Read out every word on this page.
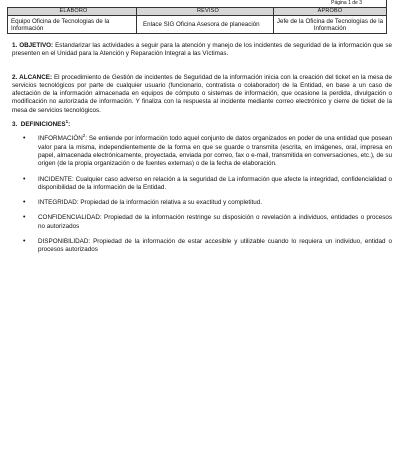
Página 1 de 3		
ELABORO	REVISO	APROBO
Equipo Oficina de Tecnologias de la Información	Enlace SIG Oficina Asesora de planeación	Jefe de la Oficina de Tecnologías de la Información

1. OBJETIVO: Estandarizar las actividades a seguir para la atención y manejo de los incidentes de seguridad de la información que se presenten en el Unidad para la Atención y Reparación Integral a las Víctimas.

2. ALCANCE: El procedimiento de Gestión de incidentes de Seguridad de la información inicia con la creación del ticket en la mesa de servicios tecnológicos por parte de cualquier usuario (funcionario, contratista o colaborador) de la Entidad, en base a un caso de afectación de la información almacenada en equipos de cómputo o sistemas de información, que ocasione la perdida, divulgación o modificación no autorizada de información. Y finaliza con la respuesta al incidente mediante correo electrónico y cierre de ticket de la mesa de servicios tecnológicos.

3. DEFINICIONES$^1$:

• INFORMACIÓN$^2$: Se entiende por información todo aquel conjunto de datos organizados en poder de una entidad que posean valor para la misma, independientemente de la forma en que se guarde o transmita (escrita, en imágenes, oral, impresa en papel, almacenada electrónicamente, proyectada, enviada por correo, fax o e-mail, transmitida en conversaciones, etc.), de su origen (de la propia organización o de fuentes externas) o de la fecha de elaboración.
• INCIDENTE: Cualquier caso adverso en relación a la seguridad de La información que afecte la integridad, confidencialidad o disponibilidad de la información de la Entidad.
• INTEGRIDAD: Propiedad de la información relativa a su exactitud y completitud.
• CONFIDENCIALIDAD: Propiedad de la información restringe su disposición o revelación a individuos, entidades o procesos no autorizados
• DISPONIBILIDAD: Propiedad de la información de estar accesible y utilizable cuando lo requiera un individuo, entidad o procesos autorizados
